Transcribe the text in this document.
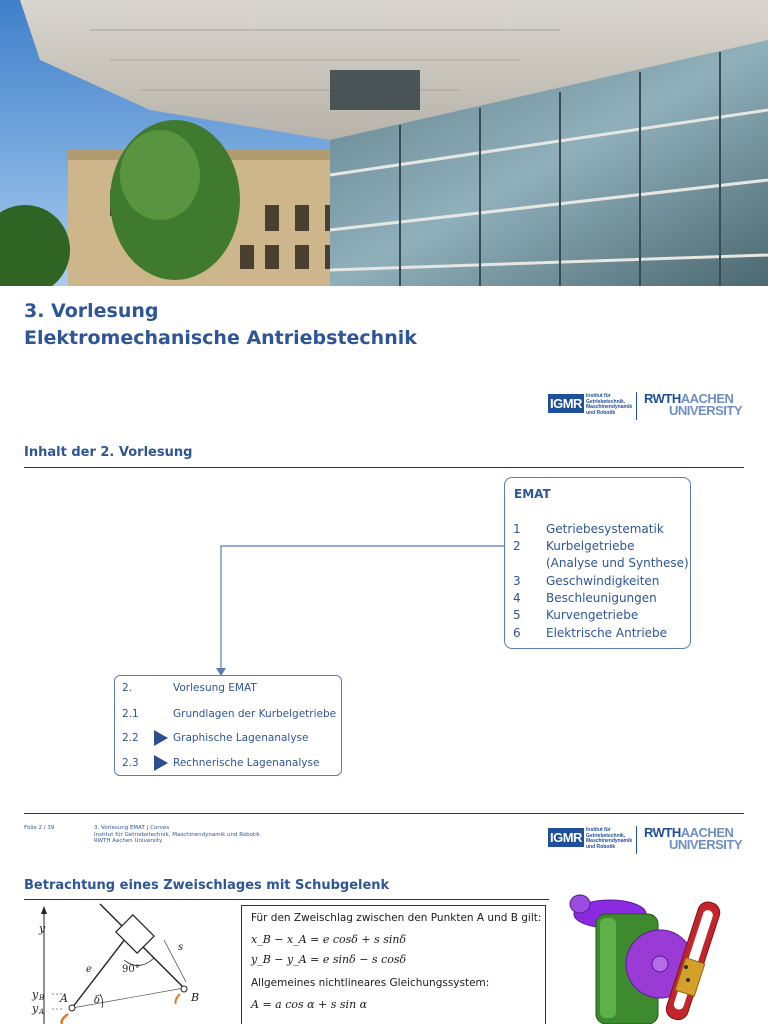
3. Vorlesung
Elektromechanische Antriebstechnik
IGMR Institut für
Getriebetechnik,
Maschinendynamik
und Robotik
RWTHAACHEN
UNIVERSITY
Inhalt der 2. Vorlesung
EMAT
1 Getriebesystematik
2 Kurbelgetriebe
(Analyse und Synthese)
3 Geschwindigkeiten
4 Beschleunigungen
5 Kurvengetriebe
6 Elektrische Antriebe
2.	Vorlesung EMAT
2.1	Grundlagen der Kurbelgetriebe
2.2	Graphische Lagenanalyse
2.3	Rechnerische Lagenanalyse
Folie 2 / 39	3. Vorlesung EMAT | Corves
Institut für Getriebetechnik, Maschinendynamik und Robotik
RWTH Aachen University	IGMR Institut für
Getriebetechnik,
Maschinendynamik
und Robotik
RWTHAACHEN
UNIVERSITY
Betrachtung eines Zweischlages mit Schubgelenk
y
y B
y A
A	B
e
s
90°
δ
Für den Zweischlag zwischen den Punkten A und B gilt:
x_B − x_A = e cosδ + s sinδ
y_B − y_A = e sinδ − s cosδ
Allgemeines nichtlineares Gleichungssystem:
A = a cos α + s sin α
